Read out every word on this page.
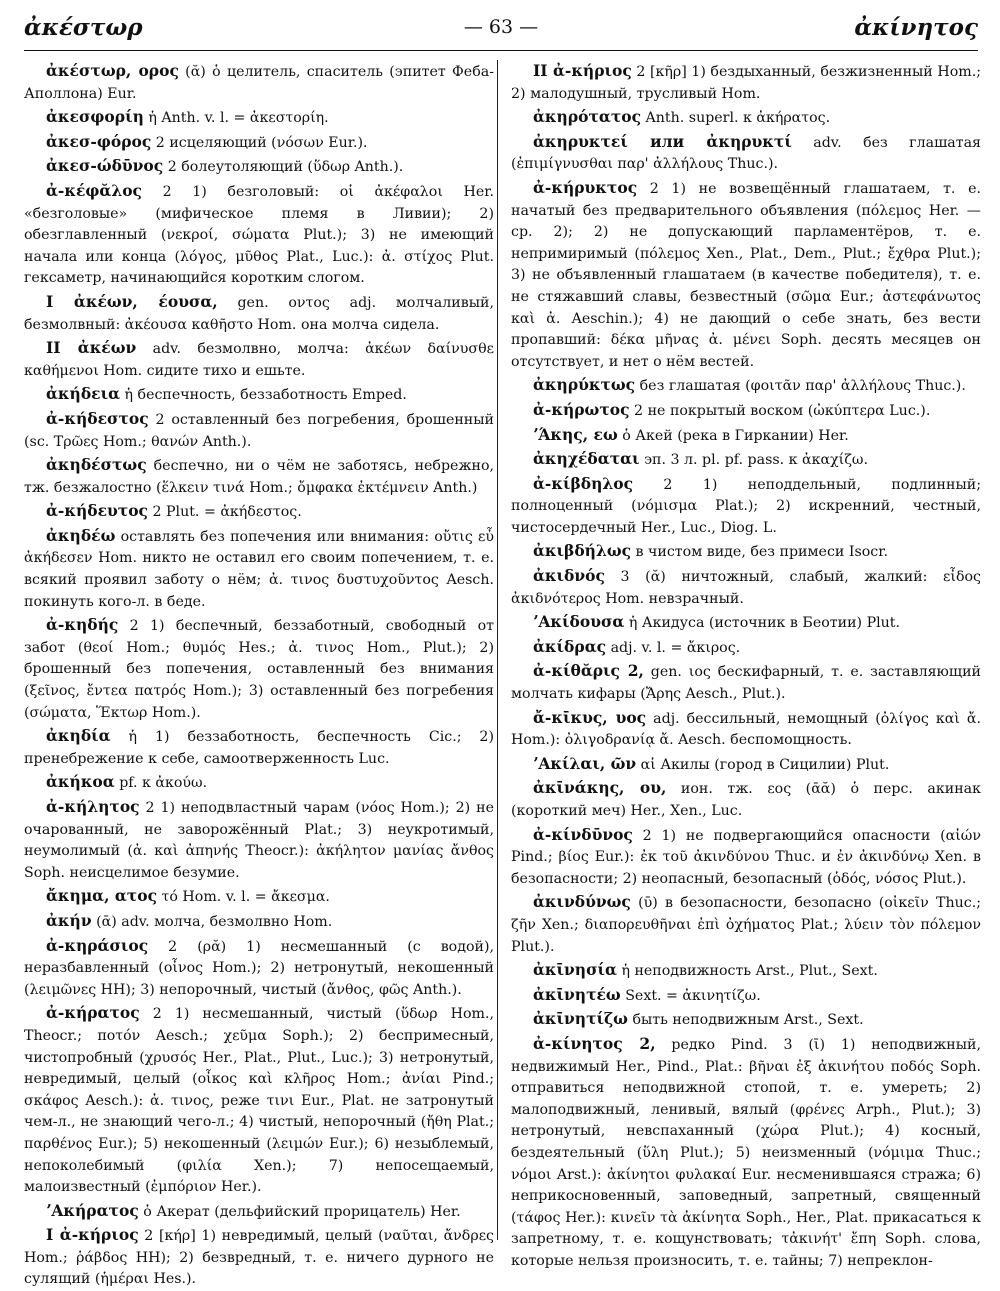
ἀκέστωρ	— 63 —	ἀκίνητος

ἀκέστωρ, ορος (ᾰ) ὁ целитель, спаситель (эпитет Феба-Аполлона) Eur.

ἀκεσφορίη ἡ Anth. v. l. = ἀκεστορίη.

ἀκεσ-φόρος 2 исцеляющий (νόσων Eur.).

ἀκεσ-ώδῡνος 2 болеутоляющий (ὕδωρ Anth.).

ἀ-κέφᾰλος 2 1) безголовый: οἱ ἀκέφαλοι Her. «безголовые» (мифическое племя в Ливии); 2) обезглавленный (νεκροί, σώματα Plut.); 3) не имеющий начала или конца (λόγος, μῦθος Plat., Luc.): ἀ. στίχος Plut. гексаметр, начинающийся коротким слогом.

I ἀκέων, έουσα, gen. οντος adj. молчаливый, безмолвный: ἀκέουσα καθῆστο Hom. она молча сидела.

II ἀκέων adv. безмолвно, молча: ἀκέων δαίνυσθε καθήμενοι Hom. сидите тихо и ешьте.

ἀκήδεια ἡ беспечность, беззаботность Emped.

ἀ-κήδεστος 2 оставленный без погребения, брошенный (sc. Τρῶες Hom.; θανών Anth.).

ἀκηδέστως беспечно, ни о чём не заботясь, небрежно, тж. безжалостно (ἕλκειν τινά Hom.; ὄμφακα ἐκτέμνειν Anth.)

ἀ-κήδευτος 2 Plut. = ἀκήδεστος.

ἀκηδέω оставлять без попечения или внимания: οὔτις εὖ ἀκήδεσεν Hom. никто не оставил его своим попечением, т. е. всякий проявил заботу о нём; ἀ. τινος δυστυχοῦντος Aesch. покинуть кого-л. в беде.

ἀ-κηδής 2 1) беспечный, беззаботный, свободный от забот (θεοί Hom.; θυμός Hes.; ἀ. τινος Hom., Plut.); 2) брошенный без попечения, оставленный без внимания (ξεῖνος, ἔντεα πατρός Hom.); 3) оставленный без погребения (σώματα, Ἕκτωρ Hom.).

ἀκηδία ἡ 1) беззаботность, беспечность Cic.; 2) пренебрежение к себе, самоотверженность Luc.

ἀκήκοα pf. к ἀκούω.

ἀ-κήλητος 2 1) неподвластный чарам (νόος Hom.); 2) не очарованный, не заворожённый Plat.; 3) неукротимый, неумолимый (ἀ. καὶ ἀπηνής Theocr.): ἀκήλητον μανίας ἄνθος Soph. неисцелимое безумие.

ἄκημα, ατος τό Hom. v. l. = ἄκεσμα.

ἀκήν (ᾱ) adv. молча, безмолвно Hom.

ἀ-κηράσιος 2 (ρᾰ) 1) несмешанный (с водой), неразбавленный (οἶνος Hom.); 2) нетронутый, некошенный (λειμῶνες HH); 3) непорочный, чистый (ἄνθος, φῶς Anth.).

ἀ-κήρατος 2 1) несмешанный, чистый (ὕδωρ Hom., Theocr.; ποτόν Aesch.; χεῦμα Soph.); 2) беспримесный, чистопробный (χρυσός Her., Plat., Plut., Luc.); 3) нетронутый, невредимый, целый (οἶκος καὶ κλῆρος Hom.; ἀνίαι Pind.; σκάφος Aesch.): ἀ. τινος, реже τινι Eur., Plat. не затронутый чем-л., не знающий чего-л.; 4) чистый, непорочный (ἤθη Plat.; παρθένος Eur.); 5) некошенный (λειμών Eur.); 6) незыблемый, непоколебимый (φιλία Xen.); 7) непосещаемый, малоизвестный (ἐμπόριον Her.).

ʼΑκήρατος ὁ Акерат (дельфийский прорицатель) Her.

I ἀ-κήριος 2 [κήρ] 1) невредимый, целый (ναῦται, ἄνδρες Hom.; ῥάβδος HH); 2) безвредный, т. е. ничего дурного не сулящий (ἡμέραι Hes.).

II ἀ-κήριος 2 [κῆρ] 1) бездыханный, безжизненный Hom.; 2) малодушный, трусливый Hom.

ἀκηρότατος Anth. superl. к ἀκήρατος.

ἀκηρυκτεί или ἀκηρυκτί adv. без глашатая (ἐπιμίγνυσθαι παρ' ἀλλήλους Thuc.).

ἀ-κήρυκτος 2 1) не возвещённый глашатаем, т. е. начатый без предварительного объявления (πόλεμος Her. — ср. 2); 2) не допускающий парламентёров, т. е. непримиримый (πόλεμος Xen., Plat., Dem., Plut.; ἔχθρα Plut.); 3) не объявленный глашатаем (в качестве победителя), т. е. не стяжавший славы, безвестный (σῶμα Eur.; ἀστεφάνωτος καὶ ἀ. Aeschin.); 4) не дающий о себе знать, без вести пропавший: δέκα μῆνας ἀ. μένει Soph. десять месяцев он отсутствует, и нет о нём вестей.

ἀκηρύκτως без глашатая (φοιτᾶν παρ' ἀλλήλους Thuc.).

ἀ-κήρωτος 2 не покрытый воском (ὠκύπτερα Luc.).

ʼΆκης, εω ὁ Акей (река в Гиркании) Her.

ἀκηχέδαται эп. 3 л. pl. pf. pass. к ἀκαχίζω.

ἀ-κίβδηλος 2 1) неподдельный, подлинный; полноценный (νόμισμα Plat.); 2) искренний, честный, чистосердечный Her., Luc., Diog. L.

ἀκιβδήλως в чистом виде, без примеси Isocr.

ἀκιδνός 3 (ᾰ) ничтожный, слабый, жалкий: εἶδος ἀκιδνότερος Hom. невзрачный.

ʼΑκίδουσα ἡ Акидуса (источник в Беотии) Plut.

ἀκίδρας adj. v. l. = ἄκιρος.

ἀ-κίθᾰρις 2, gen. ιος бескифарный, т. е. заставляющий молчать кифары (Ἄρης Aesch., Plut.).

ἄ-κῑκυς, υος adj. бессильный, немощный (ὀλίγος καὶ ἄ. Hom.): ὀλιγοδρανίᾳ ἄ. Aesch. беспомощность.

ʼΑκίλαι, ῶν αἱ Акилы (город в Сицилии) Plut.

ἀκῑνάκης, ου, ион. тж. εος (ᾱᾰ) ὁ перс. акинак (короткий меч) Her., Xen., Luc.

ἀ-κίνδῡνος 2 1) не подвергающийся опасности (αἰών Pind.; βίος Eur.): ἐκ τοῦ ἀκινδύνου Thuc. и ἐν ἀκινδύνῳ Xen. в безопасности; 2) неопасный, безопасный (ὁδός, νόσος Plut.).

ἀκινδύνως (ῡ) в безопасности, безопасно (οἰκεῖν Thuc.; ζῆν Xen.; διαπορευθῆναι ἐπὶ ὀχήματος Plat.; λύειν τὸν πόλεμον Plut.).

ἀκῑνησία ἡ неподвижность Arst., Plut., Sext.

ἀκῑνητέω Sext. = ἀκινητίζω.

ἀκῑνητίζω быть неподвижным Arst., Sext.

ἀ-κίνητος 2, редко Pind. 3 (ῑ) 1) неподвижный, недвижимый Her., Pind., Plat.: βῆναι ἐξ ἀκινήτου ποδός Soph. отправиться неподвижной стопой, т. е. умереть; 2) малоподвижный, ленивый, вялый (φρένες Arph., Plut.); 3) нетронутый, невспаханный (χώρα Plut.); 4) косный, бездеятельный (ὕλη Plut.); 5) неизменный (νόμιμα Thuc.; νόμοι Arst.): ἀκίνητοι φυλακαί Eur. несменившаяся стража; 6) неприкосновенный, заповедный, запретный, священный (τάφος Her.): κινεῖν τὰ ἀκίνητα Soph., Her., Plat. прикасаться к запретному, т. е. кощунствовать; τἀκινήτ' ἔπη Soph. слова, которые нельзя произносить, т. е. тайны; 7) непреклон-
